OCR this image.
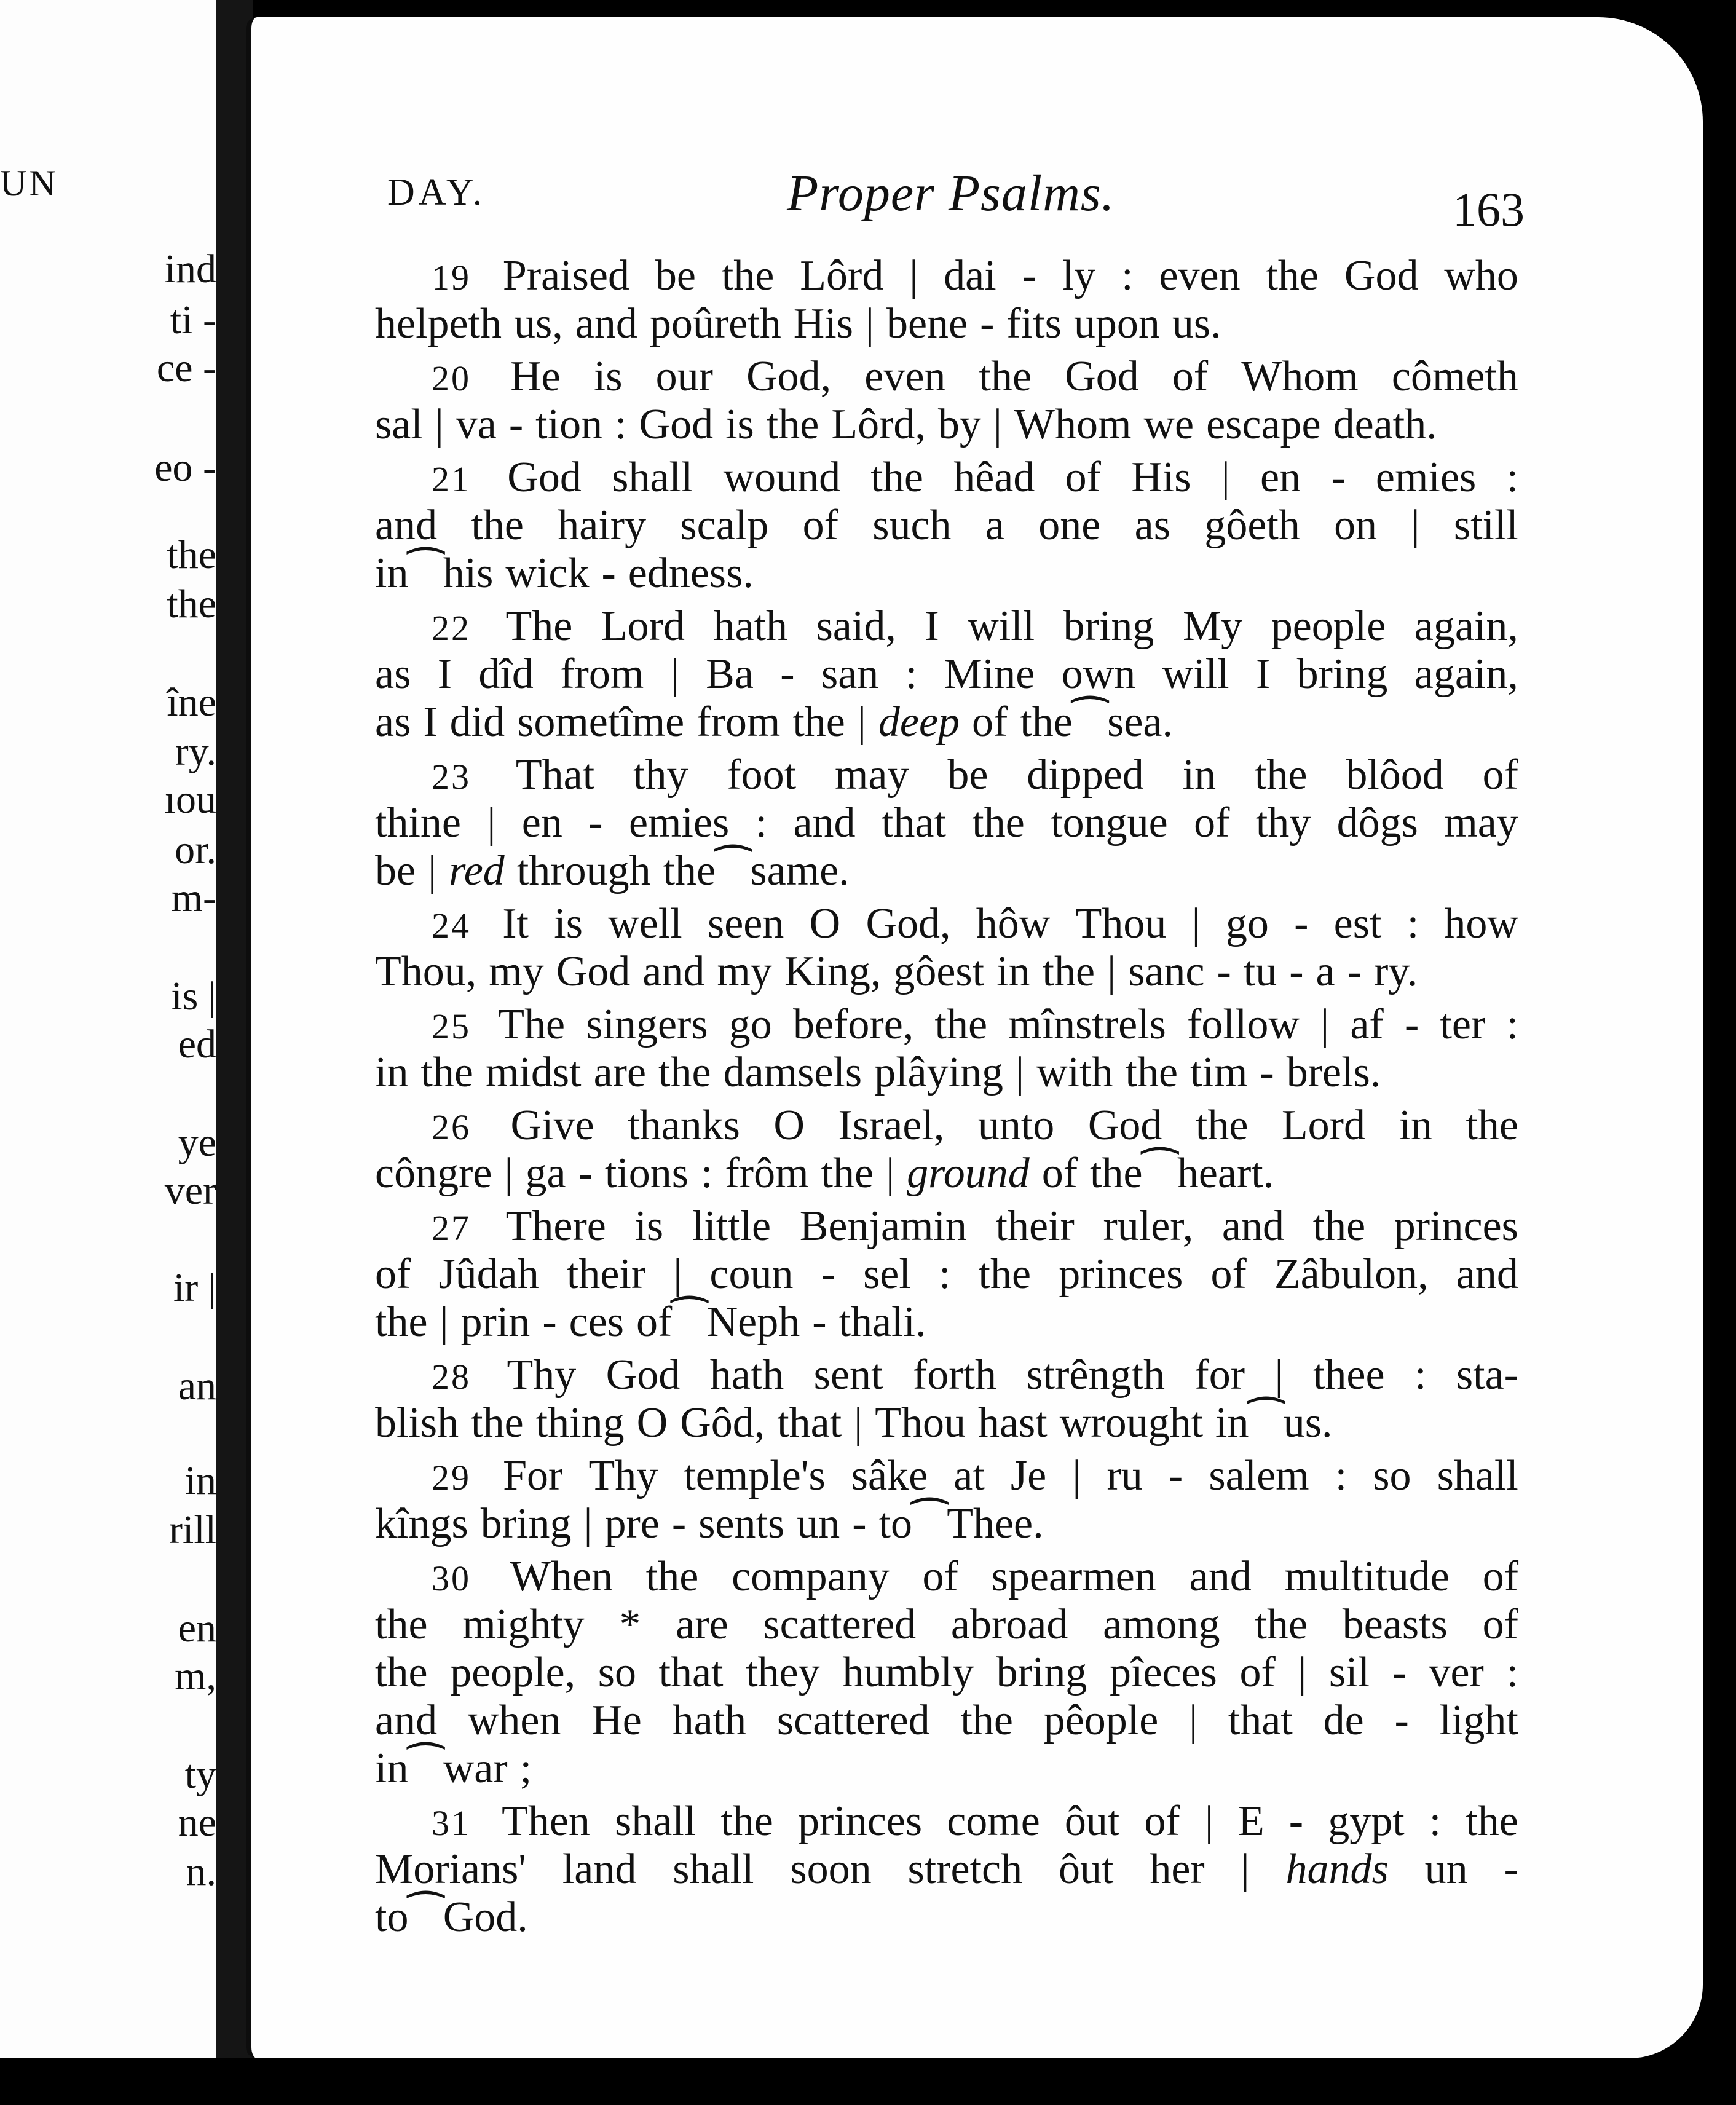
UN
ind
ti -
ce -
eo -
the
the
îne
ry.
ıou
or.
m-
is |
ed
ye
ver
ir |
an
in
rill
en
m,
ty
ne
n.
DAY.	Proper Psalms.	163
19 Praised be the Lôrd | dai - ly : even the God who
helpeth us, and poûreth His | bene - fits upon us.
20 He is our God, even the God of Whom cômeth
sal | va - tion : God is the Lôrd, by | Whom we escape death.
21 God shall wound the hêad of His | en - emies :
and the hairy scalp of such a one as gôeth on | still
in⁀his wick - edness.
22 The Lord hath said, I will bring My people again,
as I dîd from | Ba - san : Mine own will I bring again,
as I did sometîme from the | deep of the⁀sea.
23 That thy foot may be dipped in the blôod of
thine | en - emies : and that the tongue of thy dôgs may
be | red through the⁀same.
24 It is well seen O God, hôw Thou | go - est : how
Thou, my God and my King, gôest in the | sanc - tu - a - ry.
25 The singers go before, the mînstrels follow | af - ter :
in the midst are the damsels plâying | with the tim - brels.
26 Give thanks O Israel, unto God the Lord in the
côngre | ga - tions : frôm the | ground of the⁀heart.
27 There is little Benjamin their ruler, and the princes
of Jûdah their | coun - sel : the princes of Zâbulon, and
the | prin - ces of⁀Neph - thali.
28 Thy God hath sent forth strêngth for | thee : sta-
blish the thing O Gôd, that | Thou hast wrought in⁀us.
29 For Thy temple's sâke at Je | ru - salem : so shall
kîngs bring | pre - sents un - to⁀Thee.
30 When the company of spearmen and multitude of
the mighty * are scattered abroad among the beasts of
the people, so that they humbly bring pîeces of | sil - ver :
and when He hath scattered the pêople | that de - light
in⁀war ;
31 Then shall the princes come ôut of | E - gypt : the
Morians' land shall soon stretch ôut her | hands un -
to⁀God.
